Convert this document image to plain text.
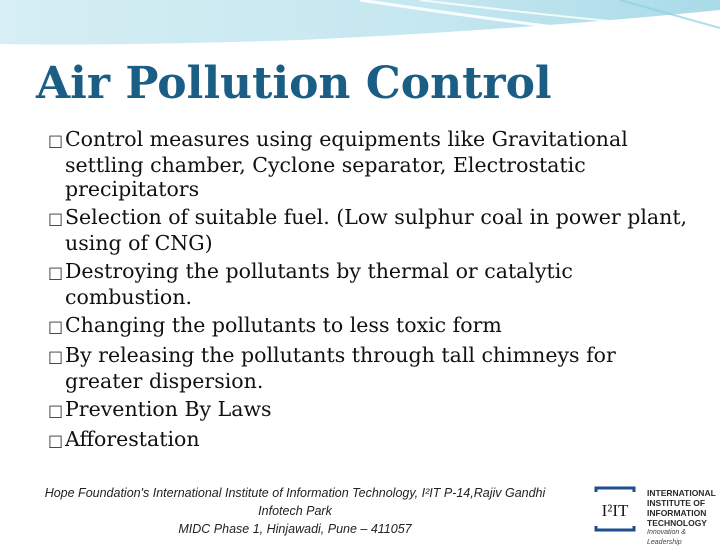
Air Pollution Control
□Control measures using equipments like Gravitational settling chamber, Cyclone separator, Electrostatic precipitators
□Selection of suitable fuel. (Low sulphur coal in power plant, using of CNG)
□Destroying the pollutants by thermal or catalytic combustion.
□Changing the pollutants to less toxic form
□By releasing the pollutants through tall chimneys for greater dispersion.
□Prevention By Laws
□Afforestation
Hope Foundation's International Institute of Information Technology, I²IT P-14,Rajiv Gandhi
Infotech Park
MIDC Phase 1, Hinjawadi, Pune – 411057
I²IT
INTERNATIONAL
INSTITUTE OF
INFORMATION
TECHNOLOGY
Innovation & Leadership
